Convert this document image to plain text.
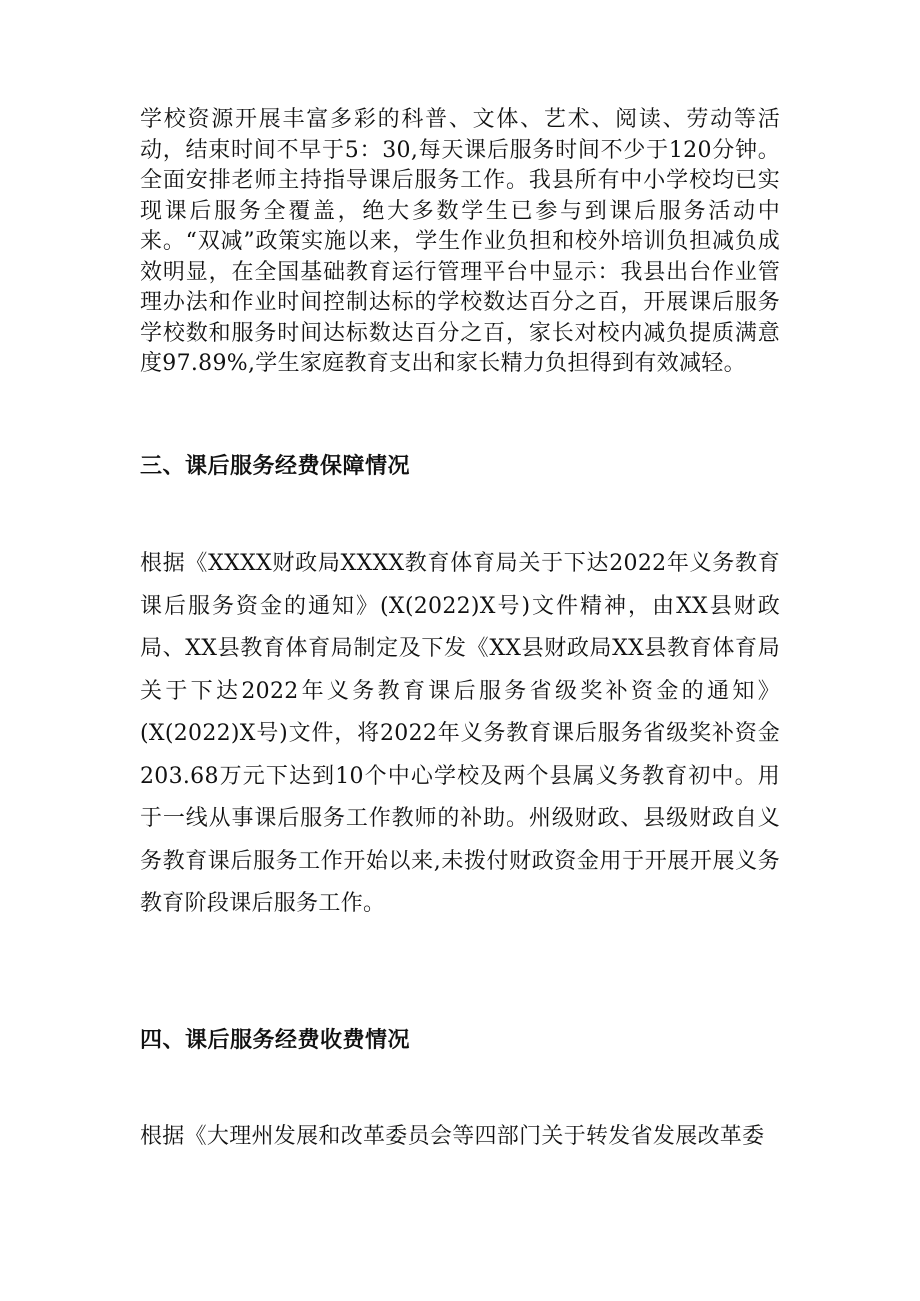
学校资源开展丰富多彩的科普、文体、艺术、阅读、劳动等活动，结束时间不早于5：30,每天课后服务时间不少于120分钟。全面安排老师主持指导课后服务工作。我县所有中小学校均已实现课后服务全覆盖，绝大多数学生已参与到课后服务活动中来。“双减”政策实施以来，学生作业负担和校外培训负担减负成效明显，在全国基础教育运行管理平台中显示：我县出台作业管理办法和作业时间控制达标的学校数达百分之百，开展课后服务学校数和服务时间达标数达百分之百，家长对校内减负提质满意度97.89%,学生家庭教育支出和家长精力负担得到有效减轻。

三、课后服务经费保障情况

根据《XXXX财政局XXXX教育体育局关于下达2022年义务教育课后服务资金的通知》(X(2022)X号)文件精神，由XX县财政局、XX县教育体育局制定及下发《XX县财政局XX县教育体育局关于下达2022年义务教育课后服务省级奖补资金的通知》(X(2022)X号)文件，将2022年义务教育课后服务省级奖补资金203.68万元下达到10个中心学校及两个县属义务教育初中。用于一线从事课后服务工作教师的补助。州级财政、县级财政自义务教育课后服务工作开始以来,未拨付财政资金用于开展开展义务教育阶段课后服务工作。

四、课后服务经费收费情况

根据《大理州发展和改革委员会等四部门关于转发省发展改革委
